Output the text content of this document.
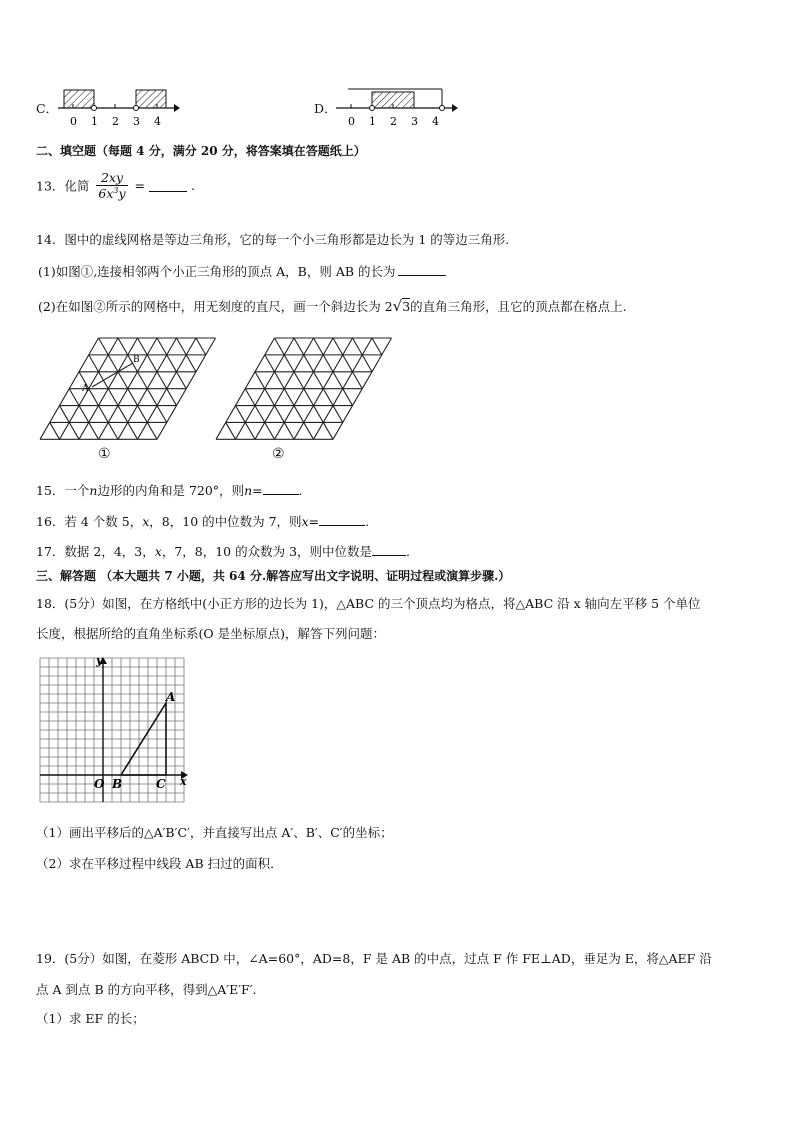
C．
0 1 2 3 4
D．
0 1 2 3 4
二、填空题（每题 4 分，满分 20 分，将答案填在答题纸上）
13．化简 $\frac{2xy}{6x^3y}$ =	.
14．图中的虚线网格是等边三角形，它的每一个小三角形都是边长为 1 的等边三角形.
(1)如图①,连接相邻两个小正三角形的顶点 A，B，则 AB 的长为
(2)在如图②所示的网格中，用无刻度的直尺，画一个斜边长为 2√3的直角三角形，且它的顶点都在格点上.
A
B
①	②
15．一个n边形的内角和是 720°，则n=	.
16．若 4 个数 5，x，8，10 的中位数为 7，则x=	.
17．数据 2，4，3，x，7，8，10 的众数为 3，则中位数是	.
三、解答题 （本大题共 7 小题，共 64 分.解答应写出文字说明、证明过程或演算步骤.）
18．(5分）如图，在方格纸中(小正方形的边长为 1)，△ABC 的三个顶点均为格点，将△ABC 沿 x 轴向左平移 5 个单位
长度，根据所给的直角坐标系(O 是坐标原点)，解答下列问题：
y
x
O
A
B	C
（1）画出平移后的△A′B′C′，并直接写出点 A′、B′、C′的坐标；
（2）求在平移过程中线段 AB 扫过的面积．
19．(5分）如图，在菱形 ABCD 中，∠A=60°，AD=8，F 是 AB 的中点，过点 F 作 FE⊥AD，垂足为 E，将△AEF 沿
点 A 到点 B 的方向平移，得到△A′E′F′.
（1）求 EF 的长；
